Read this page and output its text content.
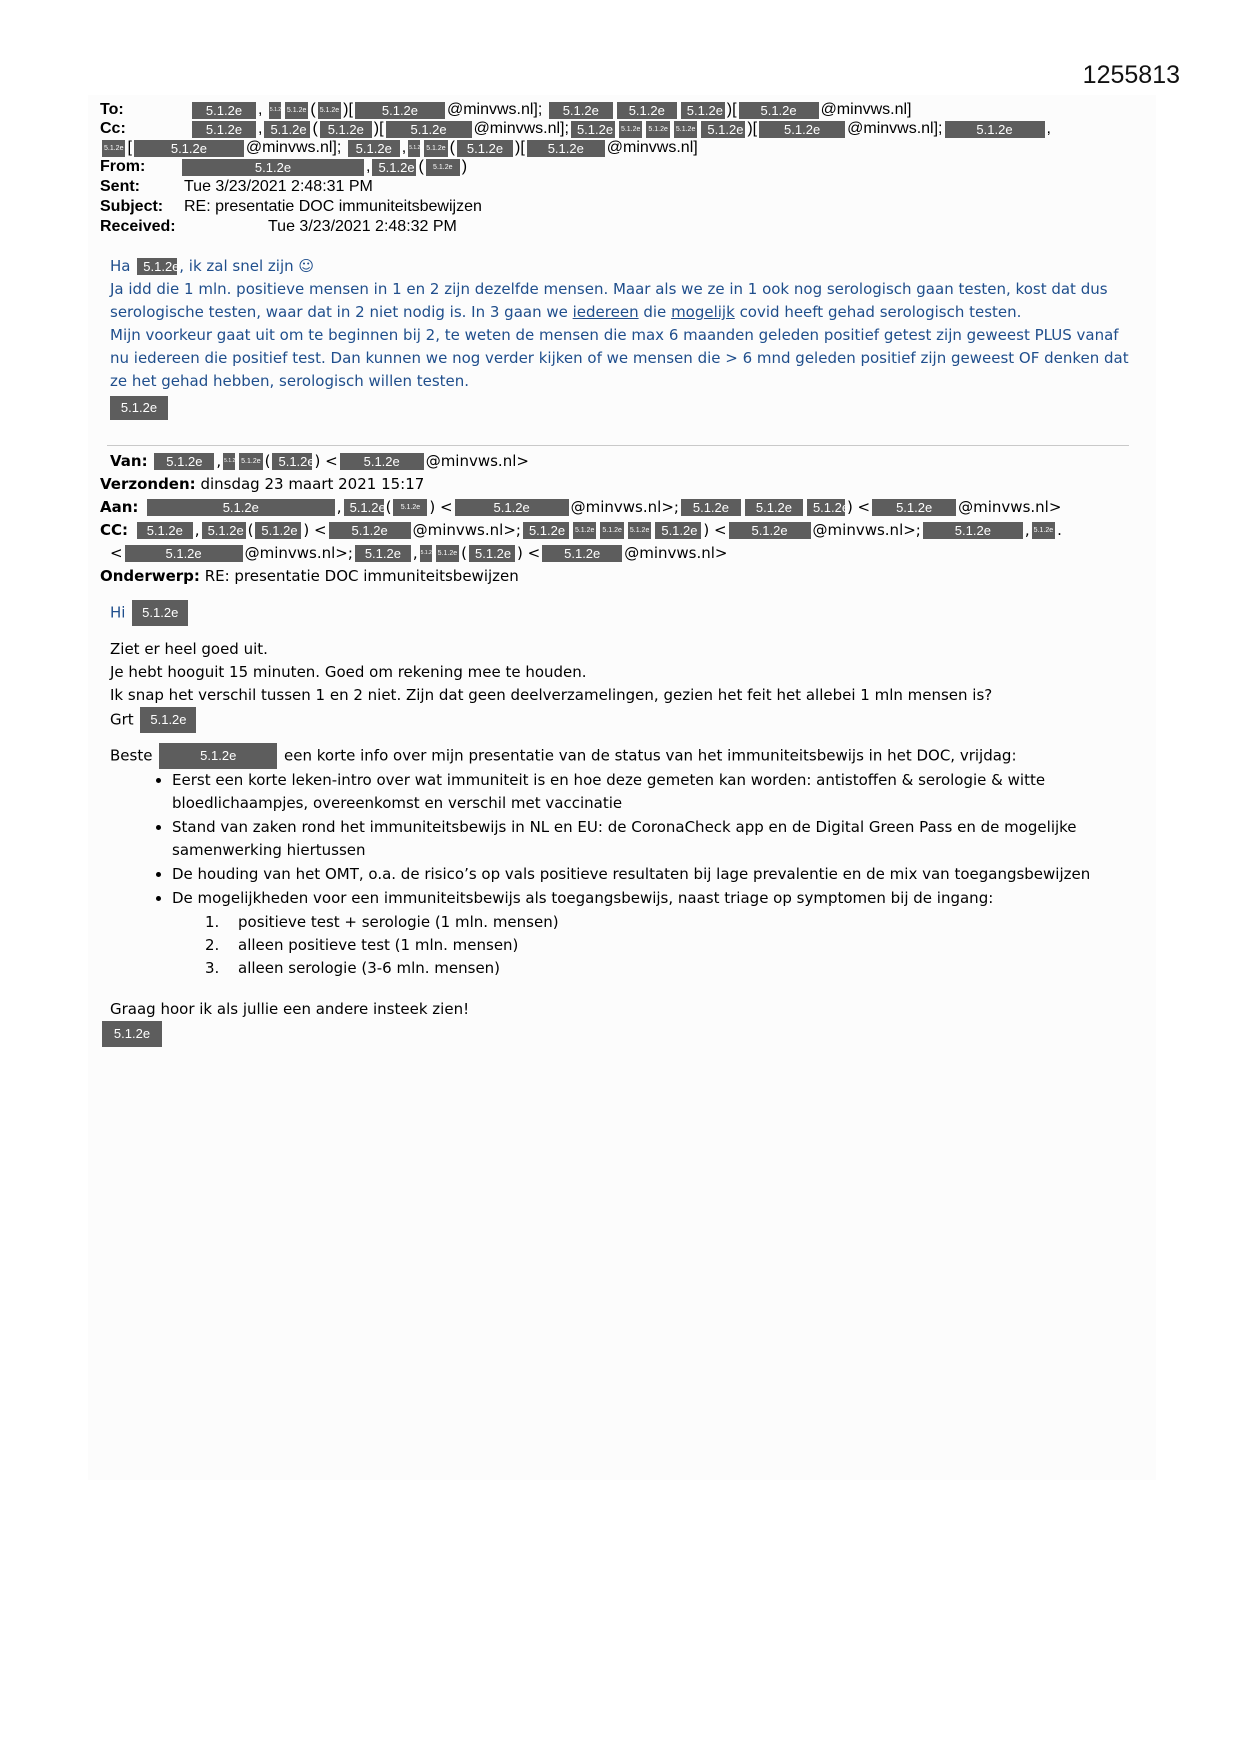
1255813
To:	5.1.2e , 5.1.2e 5.1.2e ( 5.1.2e )[ 5.1.2e @minvws.nl]; 5.1.2e 5.1.2e 5.1.2e )[ 5.1.2e @minvws.nl]
Cc:	5.1.2e , 5.1.2e ( 5.1.2e )[ 5.1.2e @minvws.nl]; 5.1.2e 5.1.2e 5.1.2e 5.1.2e 5.1.2e )[ 5.1.2e @minvws.nl];	5.1.2e ,
5.1.2e [	5.1.2e @minvws.nl]; 5.1.2e , 5.1.2e 5.1.2e ( 5.1.2e )[ 5.1.2e @minvws.nl]
From:	5.1.2e	, 5.1.2e ( 5.1.2e )
Sent:	Tue 3/23/2021 2:48:31 PM
Subject: RE: presentatie DOC immuniteitsbewijzen
Received:	Tue 3/23/2021 2:48:32 PM

Ha 5.1.2e, ik zal snel zijn ☺

Ja idd die 1 mln. positieve mensen in 1 en 2 zijn dezelfde mensen. Maar als we ze in 1 ook nog serologisch gaan testen, kost dat dus serologische testen, waar dat in 2 niet nodig is. In 3 gaan we iedereen die mogelijk covid heeft gehad serologisch testen.

Mijn voorkeur gaat uit om te beginnen bij 2, te weten de mensen die max 6 maanden geleden positief getest zijn geweest PLUS vanaf nu iedereen die positief test. Dan kunnen we nog verder kijken of we mensen die > 6 mnd geleden positief zijn geweest OF denken dat ze het gehad hebben, serologisch willen testen.

5.1.2e

Van: 5.1.2e , 5.1.2e 5.1.2e ( 5.1.2e) < 5.1.2e @minvws.nl>
Verzonden: dinsdag 23 maart 2021 15:17
Aan:	5.1.2e	, 5.1.2e( 5.1.2e ) <	5.1.2e	@minvws.nl>; 5.1.2e 5.1.2e 5.1.2e) < 5.1.2e @minvws.nl>
CC: 5.1.2e , 5.1.2e ( 5.1.2e ) < 5.1.2e @minvws.nl>; 5.1.2e 5.1.2e 5.1.2e 5.1.2e 5.1.2e ) < 5.1.2e @minvws.nl>;	5.1.2e , 5.1.2e .
<	5.1.2e	@minvws.nl>; 5.1.2e , 5.1.2e 5.1.2e ( 5.1.2e ) < 5.1.2e @minvws.nl>
Onderwerp: RE: presentatie DOC immuniteitsbewijzen

Hi 5.1.2e

Ziet er heel goed uit.

Je hebt hooguit 15 minuten. Goed om rekening mee te houden.

Ik snap het verschil tussen 1 en 2 niet. Zijn dat geen deelverzamelingen, gezien het feit het allebei 1 mln mensen is?

Grt 5.1.2e

Beste	5.1.2e	een korte info over mijn presentatie van de status van het immuniteitsbewijs in het DOC, vrijdag:

• Eerst een korte leken-intro over wat immuniteit is en hoe deze gemeten kan worden: antistoffen & serologie & witte bloedlichaampjes, overeenkomst en verschil met vaccinatie
• Stand van zaken rond het immuniteitsbewijs in NL en EU: de CoronaCheck app en de Digital Green Pass en de mogelijke samenwerking hiertussen
• De houding van het OMT, o.a. de risico’s op vals positieve resultaten bij lage prevalentie en de mix van toegangsbewijzen
• De mogelijkheden voor een immuniteitsbewijs als toegangsbewijs, naast triage op symptomen bij de ingang:
1. positieve test + serologie (1 mln. mensen)
2. alleen positieve test (1 mln. mensen)
3. alleen serologie (3-6 mln. mensen)

Graag hoor ik als jullie een andere insteek zien!

5.1.2e
